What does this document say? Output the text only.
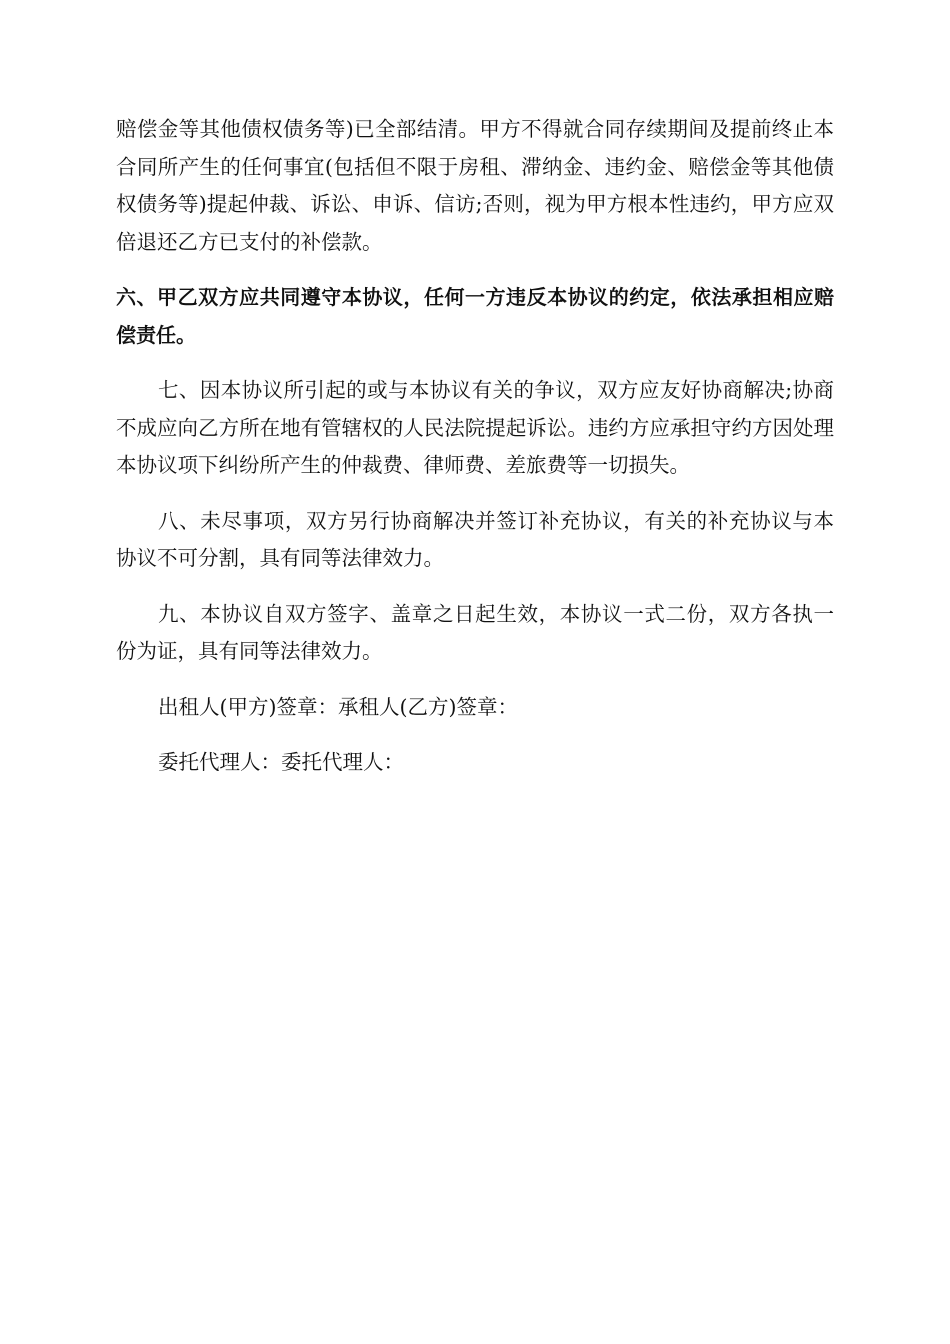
赔偿金等其他债权债务等)已全部结清。甲方不得就合同存续期间及提前终止本合同所产生的任何事宜(包括但不限于房租、滞纳金、违约金、赔偿金等其他债权债务等)提起仲裁、诉讼、申诉、信访;否则，视为甲方根本性违约，甲方应双倍退还乙方已支付的补偿款。

六、甲乙双方应共同遵守本协议，任何一方违反本协议的约定，依法承担相应赔偿责任。

七、因本协议所引起的或与本协议有关的争议，双方应友好协商解决;协商不成应向乙方所在地有管辖权的人民法院提起诉讼。违约方应承担守约方因处理本协议项下纠纷所产生的仲裁费、律师费、差旅费等一切损失。

八、未尽事项，双方另行协商解决并签订补充协议，有关的补充协议与本协议不可分割，具有同等法律效力。

九、本协议自双方签字、盖章之日起生效，本协议一式二份，双方各执一份为证，具有同等法律效力。

出租人(甲方)签章：承租人(乙方)签章：

委托代理人：委托代理人：
